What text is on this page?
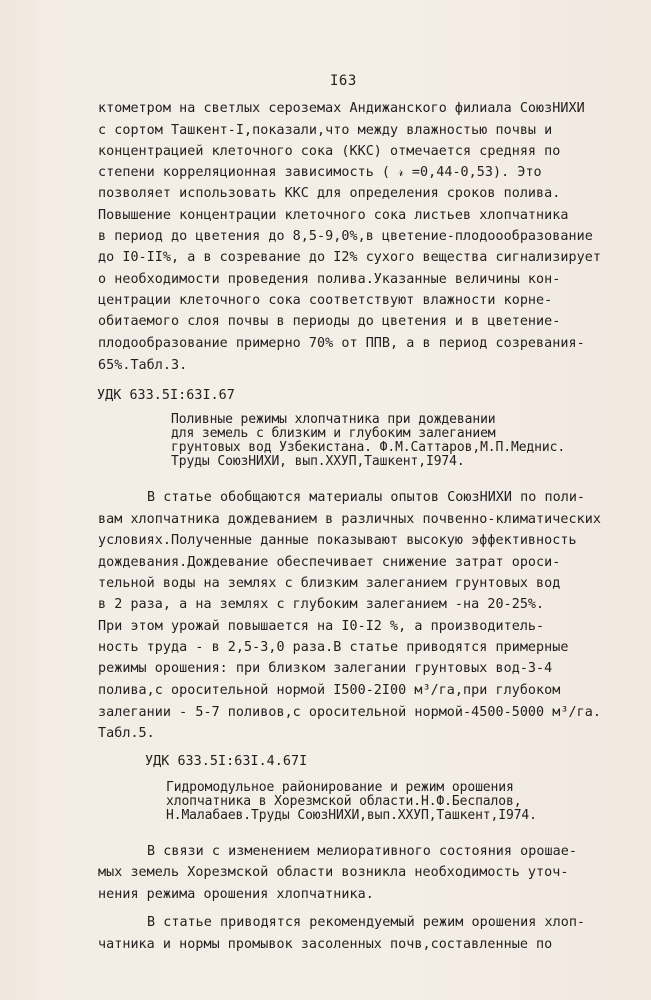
I63
ктометром на светлых сероземах Андижанского филиала СоюзНИХИ
с сортом Ташкент-I,показали,что между влажностью почвы и
концентрацией клеточного сока (ККС) отмечается средняя по
степени корреляционная зависимость ( 𝓇 =0,44-0,53). Это
позволяет использовать ККС для определения сроков полива.
Повышение концентрации клеточного сока листьев хлопчатника
в период до цветения до 8,5-9,0%,в цветение-плодоообразование
до I0-II%, а в созревание до I2% сухого вещества сигнализирует
о необходимости проведения полива.Указанные величины кон-
центрации клеточного сока соответствуют влажности корне-
обитаемого слоя почвы в периоды до цветения и в цветение-
плодообразование примерно 70% от ППВ, а в период созревания-
65%.Табл.3.
УДК 633.5I:63I.67
Поливные режимы хлопчатника при дождевании
для земель с близким и глубоким залеганием
грунтовых вод Узбекистана. Ф.М.Саттаров,М.П.Меднис.
Труды СоюзНИХИ, вып.XXУП,Ташкент,I974.
В статье обобщаются материалы опытов СоюзНИХИ по поли-
вам хлопчатника дождеванием в различных почвенно-климатических
условиях.Полученные данные показывают высокую эффективность
дождевания.Дождевание обеспечивает снижение затрат ороси-
тельной воды на землях с близким залеганием грунтовых вод
в 2 раза, а на землях с глубоким залеганием -на 20-25%.
При этом урожай повышается на I0-I2 %, а производитель-
ность труда - в 2,5-3,0 раза.В статье приводятся примерные
режимы орошения: при близком залегании грунтовых вод-3-4
полива,с оросительной нормой I500-2I00 м³/га,при глубоком
залегании - 5-7 поливов,с оросительной нормой-4500-5000 м³/га.
Табл.5.
УДК 633.5I:63I.4.67I
Гидромодульное районирование и режим орошения
хлопчатника в Хорезмской области.Н.Ф.Беспалов,
Н.Малабаев.Труды СоюзНИХИ,вып.XXУП,Ташкент,I974.
В связи с изменением мелиоративного состояния орошае-
мых земель Хорезмской области возникла необходимость уточ-
нения режима орошения хлопчатника.
В статье приводятся рекомендуемый режим орошения хлоп-
чатника и нормы промывок засоленных почв,составленные по
